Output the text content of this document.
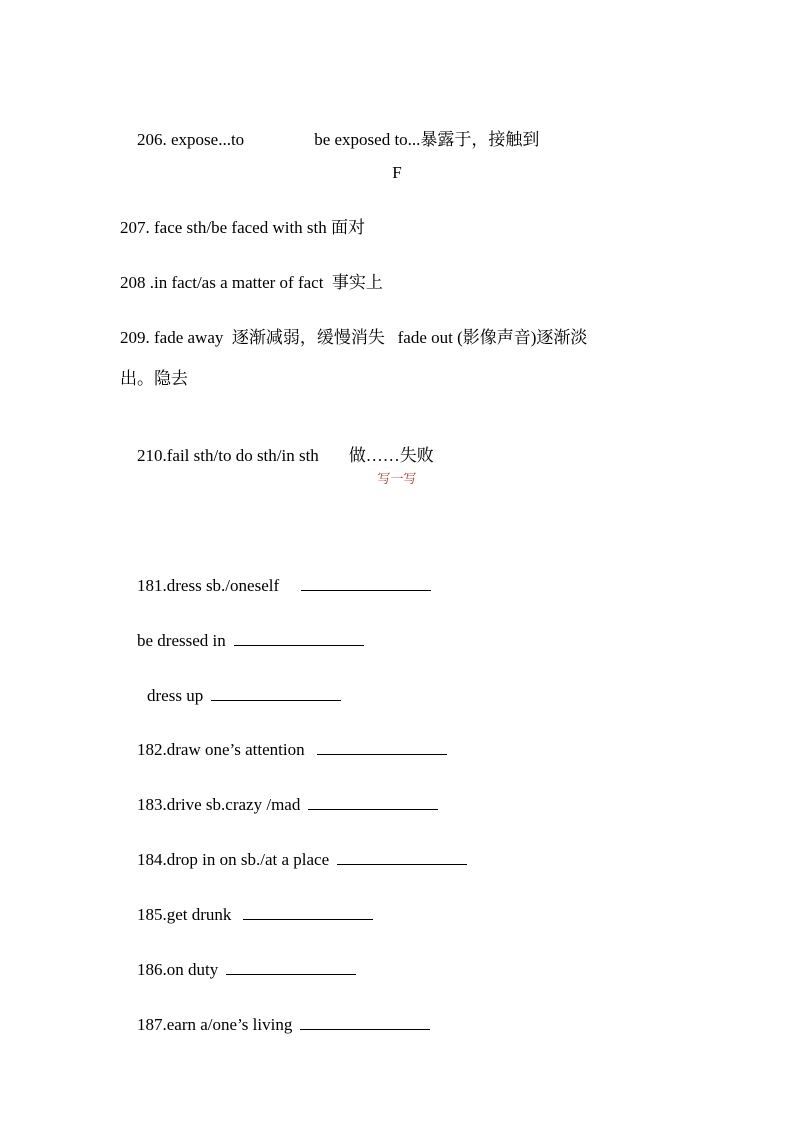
206. expose...to	be exposed to...暴露于，接触到

F
207. face sth/be faced with sth 面对
208 .in fact/as a matter of fact  事实上
209. fade away  逐渐减弱，缓慢消失   fade out (影像声音)逐渐淡
出。隐去

210.fail sth/to do sth/in sth 做……失败

写一写

181.dress sb./oneself

be dressed in

dress up

182.draw one’s attention

183.drive sb.crazy /mad

184.drop in on sb./at a place

185.get drunk

186.on duty

187.earn a/one’s living
